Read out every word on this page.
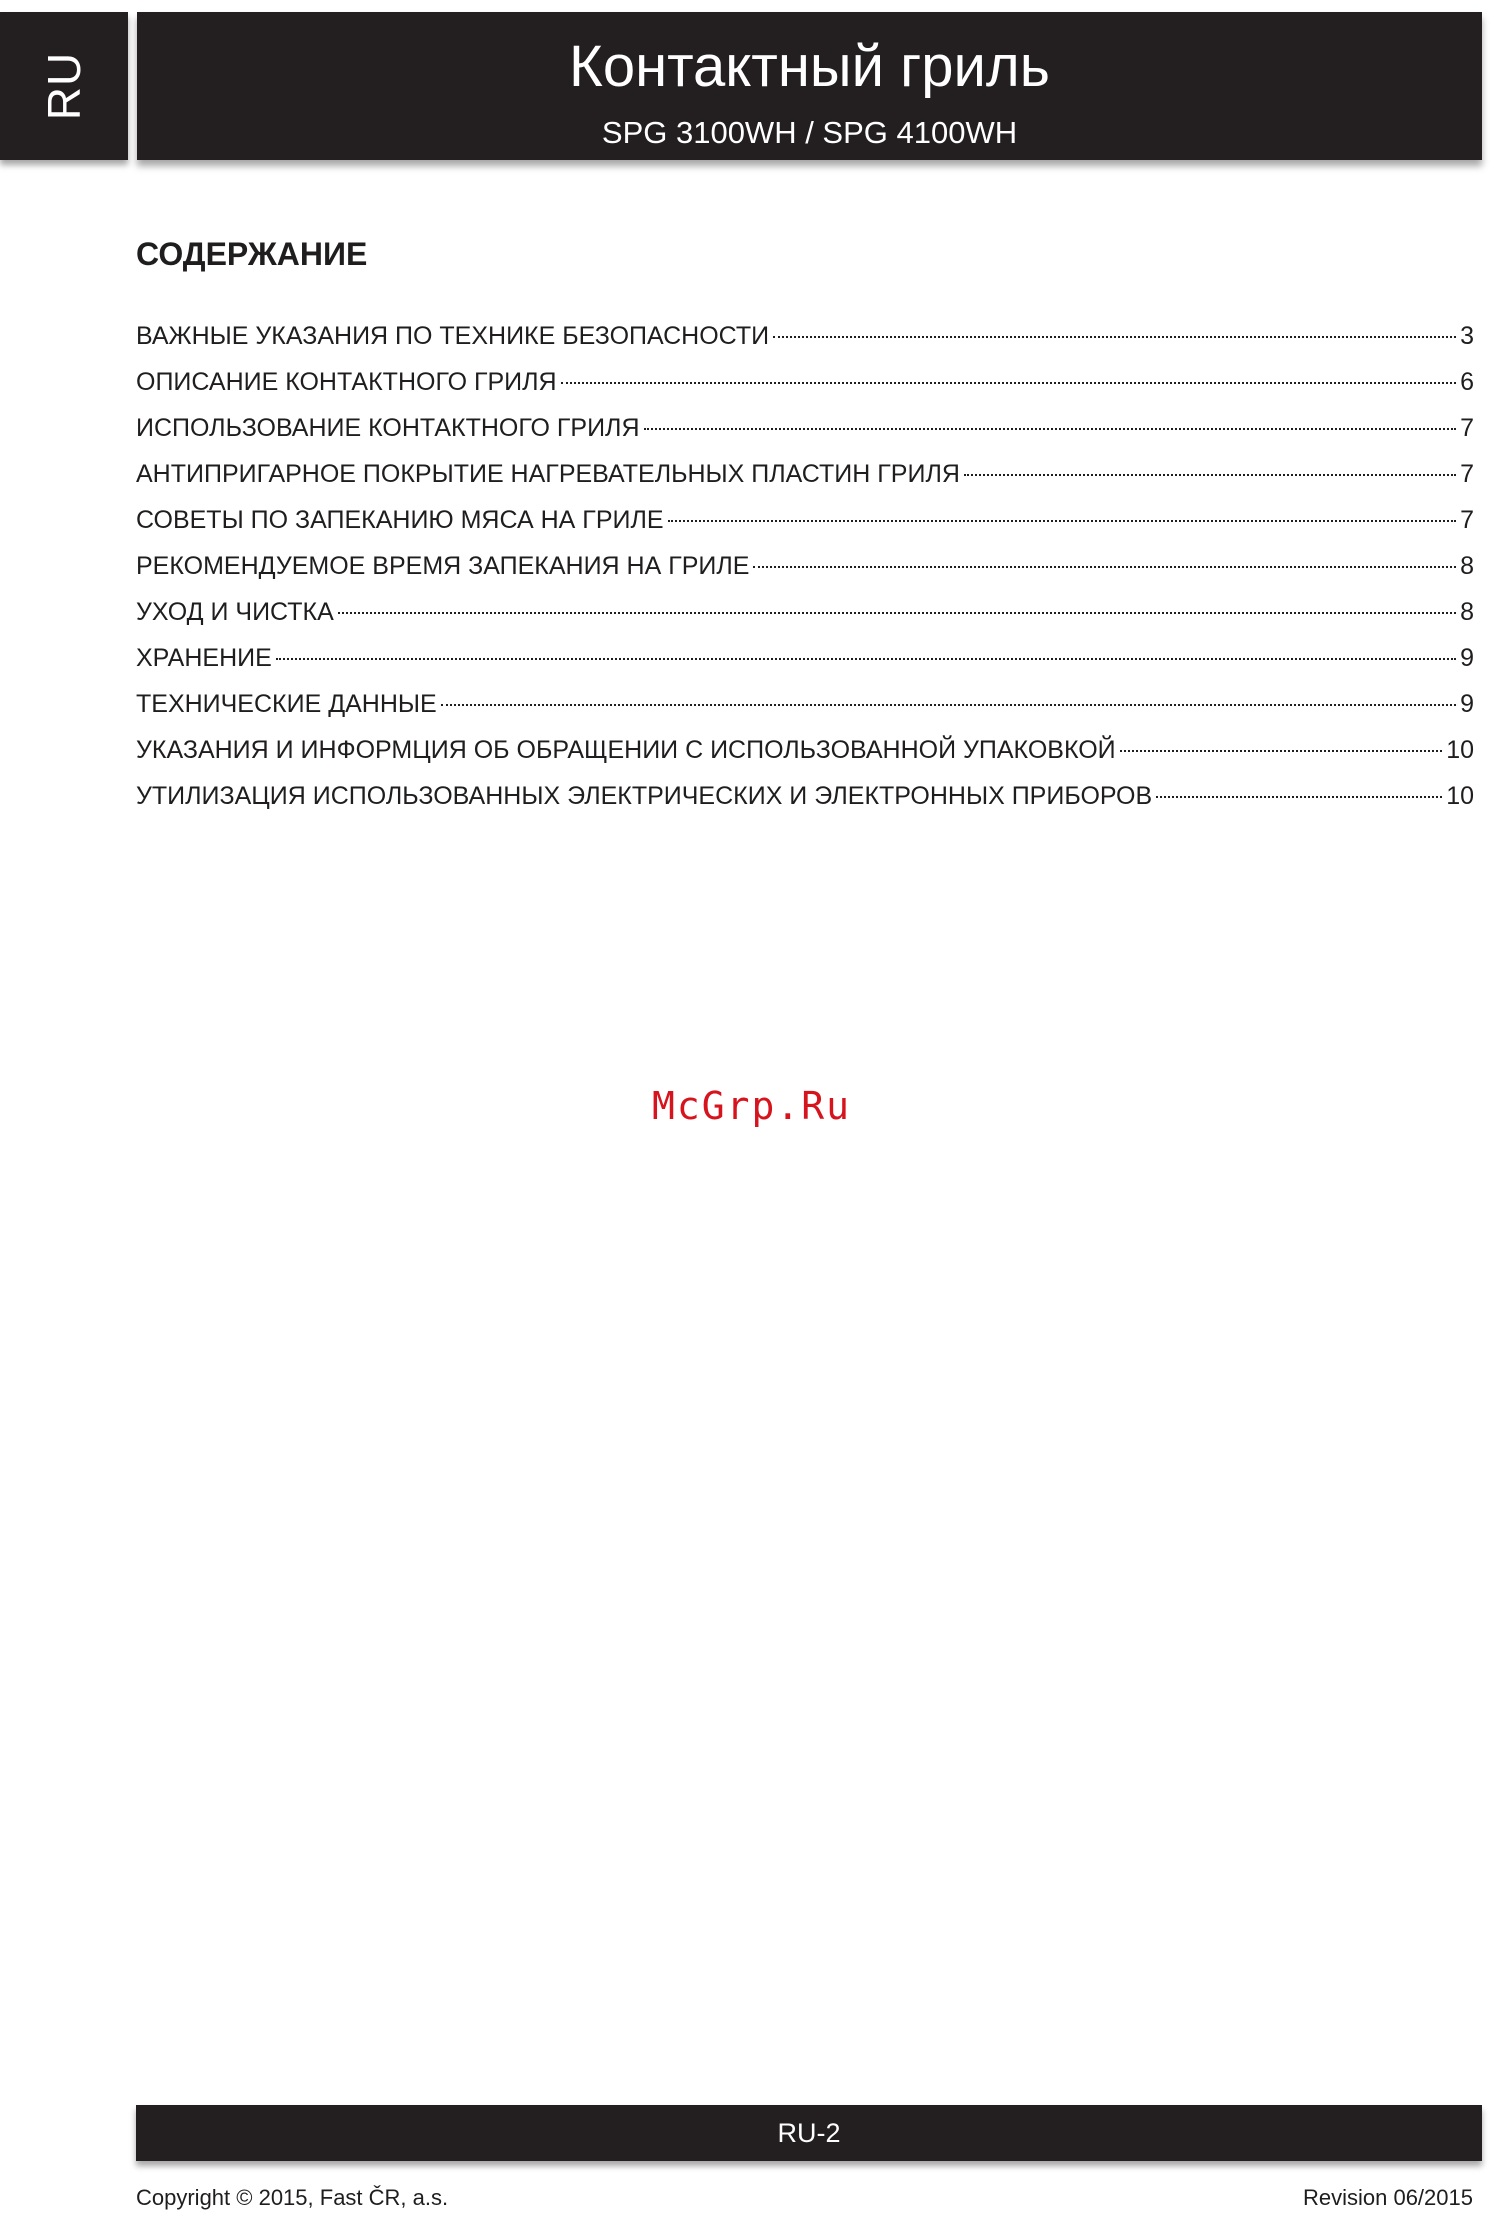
RU	Контактный гриль
SPG 3100WH / SPG 4100WH
СОДЕРЖАНИЕ
ВАЖНЫЕ УКАЗАНИЯ ПО ТЕХНИКЕ БЕЗОПАСНОСТИ	3
ОПИСАНИЕ КОНТАКТНОГО ГРИЛЯ	6
ИСПОЛЬЗОВАНИЕ КОНТАКТНОГО ГРИЛЯ	7
АНТИПРИГАРНОЕ ПОКРЫТИЕ НАГРЕВАТЕЛЬНЫХ ПЛАСТИН ГРИЛЯ	7
СОВЕТЫ ПО ЗАПЕКАНИЮ МЯСА НА ГРИЛЕ	7
РЕКОМЕНДУЕМОЕ ВРЕМЯ ЗАПЕКАНИЯ НА ГРИЛЕ	8
УХОД И ЧИСТКА	8
ХРАНЕНИЕ	9
ТЕХНИЧЕСКИЕ ДАННЫЕ	9
УКАЗАНИЯ И ИНФОРМЦИЯ ОБ ОБРАЩЕНИИ С ИСПОЛЬЗОВАННОЙ УПАКОВКОЙ	10
УТИЛИЗАЦИЯ ИСПОЛЬЗОВАННЫХ ЭЛЕКТРИЧЕСКИХ И ЭЛЕКТРОННЫХ ПРИБОРОВ	10
McGrp.Ru
RU-2
Copyright © 2015, Fast ČR, a.s.	Revision 06/2015
